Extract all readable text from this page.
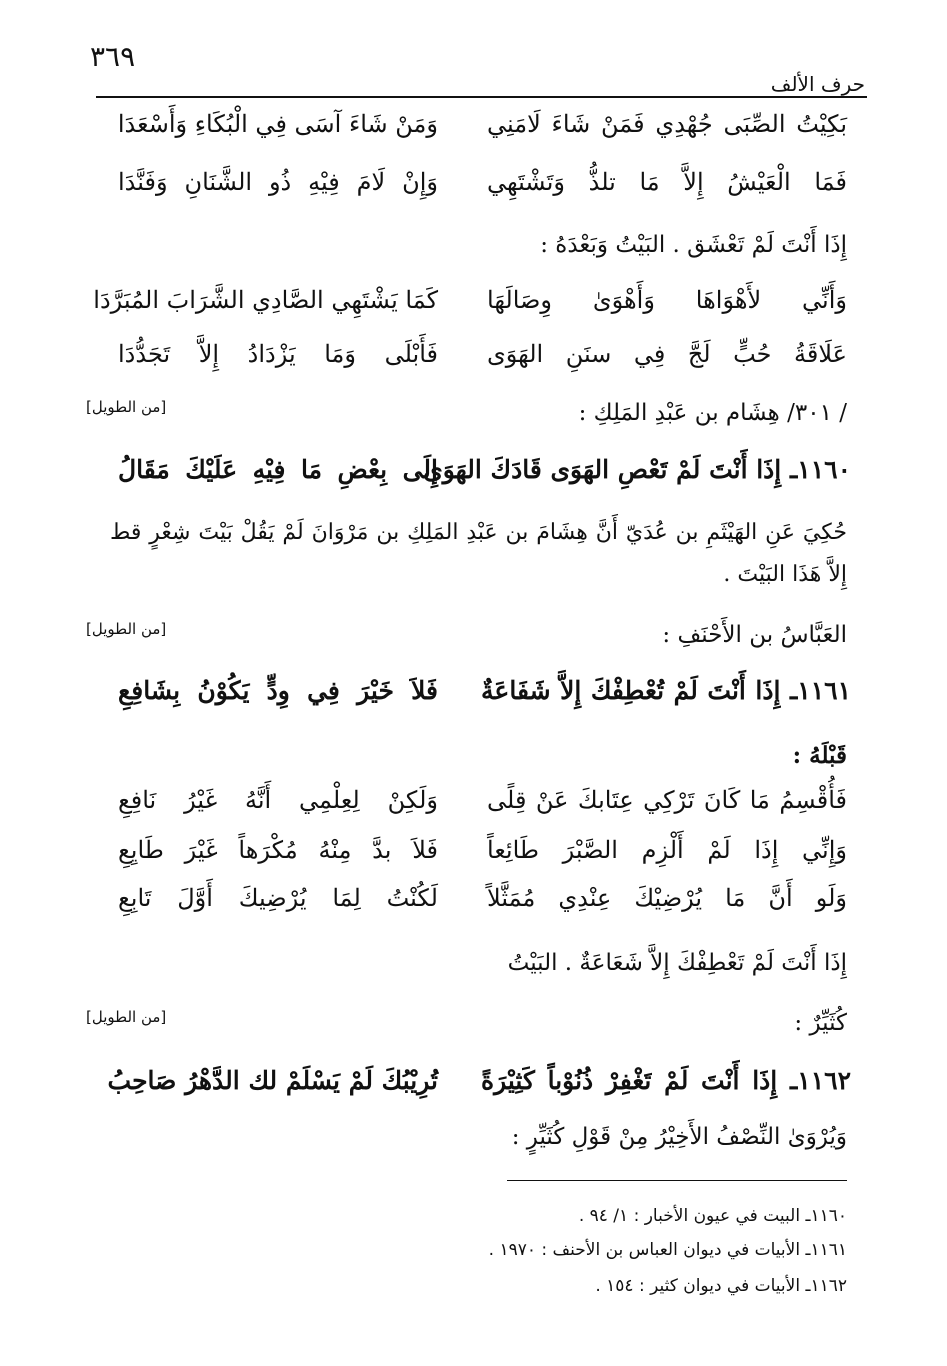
٣٦٩
حرف الألف
بَكِيْتُ الصِّبَى جُهْدِي فَمَنْ شَاءَ لَامَنِي
وَمَنْ شَاءَ آسَى فِي الْبُكَاءِ وَأَسْعَدَا
فَمَا الْعَيْشُ إِلاَّ مَا تلذُّ وَتَشْتَهِي
وَإِنْ لَامَ فِيْهِ ذُو الشَّنَانِ وَفَنَّدَا
إِذَا أَنْتَ لَمْ تَعْشَق . البَيْتُ وَبَعْدَهُ :
وَأَنِّي لأَهْوَاهَا وَأَهْوَىٰ وِصَالَهَا
كَمَا يَشْتَهِي الصَّادِي الشَّرَابَ المُبَرَّدَا
عَلَاقَةُ حُبٍّ لَجَّ فِي سنَنِ الهَوَى
فَأَبْلَى وَمَا يَزْدَادُ إِلاَّ تَجَدُّدَا
/ ٣٠١/ هِشَام بن عَبْدِ المَلِكِ :
[من الطويل]
١١٦٠ـ إِذَا أَنْتَ لَمْ تَعْصِ الهَوَى قَادَكَ الهَوَى
إِلَى بِعْضِ مَا فِيْهِ عَلَيْكَ مَقَالُ
حُكِيَ عَنِ الهَيْثَمِ بن عُدَيّ أَنَّ هِشَامَ بن عَبْدِ المَلِكِ بن مَرْوَانَ لَمْ يَقُلْ بَيْتَ شِعْرٍ قط إِلاَّ هَذَا البَيْتَ .
العَبَّاسُ بن الأَحْنَفِ :
[من الطويل]
١١٦١ـ إِذَا أَنْتَ لَمْ تُعْطِفْكَ إِلاَّ شَفَاعَةٌ
فَلاَ خَيْرَ فِي وِدٍّ يَكُوْنُ بِشَافِعِ
قَبْلَهُ :
فَأُقْسِمُ مَا كَانَ تَرْكِي عِتَابكَ عَنْ قِلًى
وَلَكِنْ لِعِلْمِي أَنَّهُ غَيْرُ نَافِعِ
وَإِنِّي إِذَا لَمْ أَلْزِم الصَّبْرَ طَائِعاً
فَلاَ بدَّ مِنْهُ مُكْرَهاً غَيْرَ طَايِعِ
وَلَو أَنَّ مَا يُرْضِيْكَ عِنْدِي مُمَثَّلاً
لَكُنْتُ لِمَا يُرْضِيكَ أَوَّلَ تَابِعِ
إِذَا أَنْتَ لَمْ تَعْطِفْكَ إِلاَّ شَعَاعَةٌ . البَيْتُ
كُثَيِّرٌ :
[من الطويل]
١١٦٢ـ إِذَا أَنْتَ لَمْ تَغْفِرْ ذُنُوْباً كَثِيْرَةً
تُرِيْبُكَ لَمْ يَسْلَمْ لك الدَّهْرُ صَاحِبُ
وَيُرْوَىٰ النِّصْفُ الأَخِيْرُ مِنْ قَوْلِ كُثَيِّرٍ :
١١٦٠ـ البيت في عيون الأخبار : ١/ ٩٤ .
١١٦١ـ الأبيات في ديوان العباس بن الأحنف : ١٩٧٠ .
١١٦٢ـ الأبيات في ديوان كثير : ١٥٤ .
